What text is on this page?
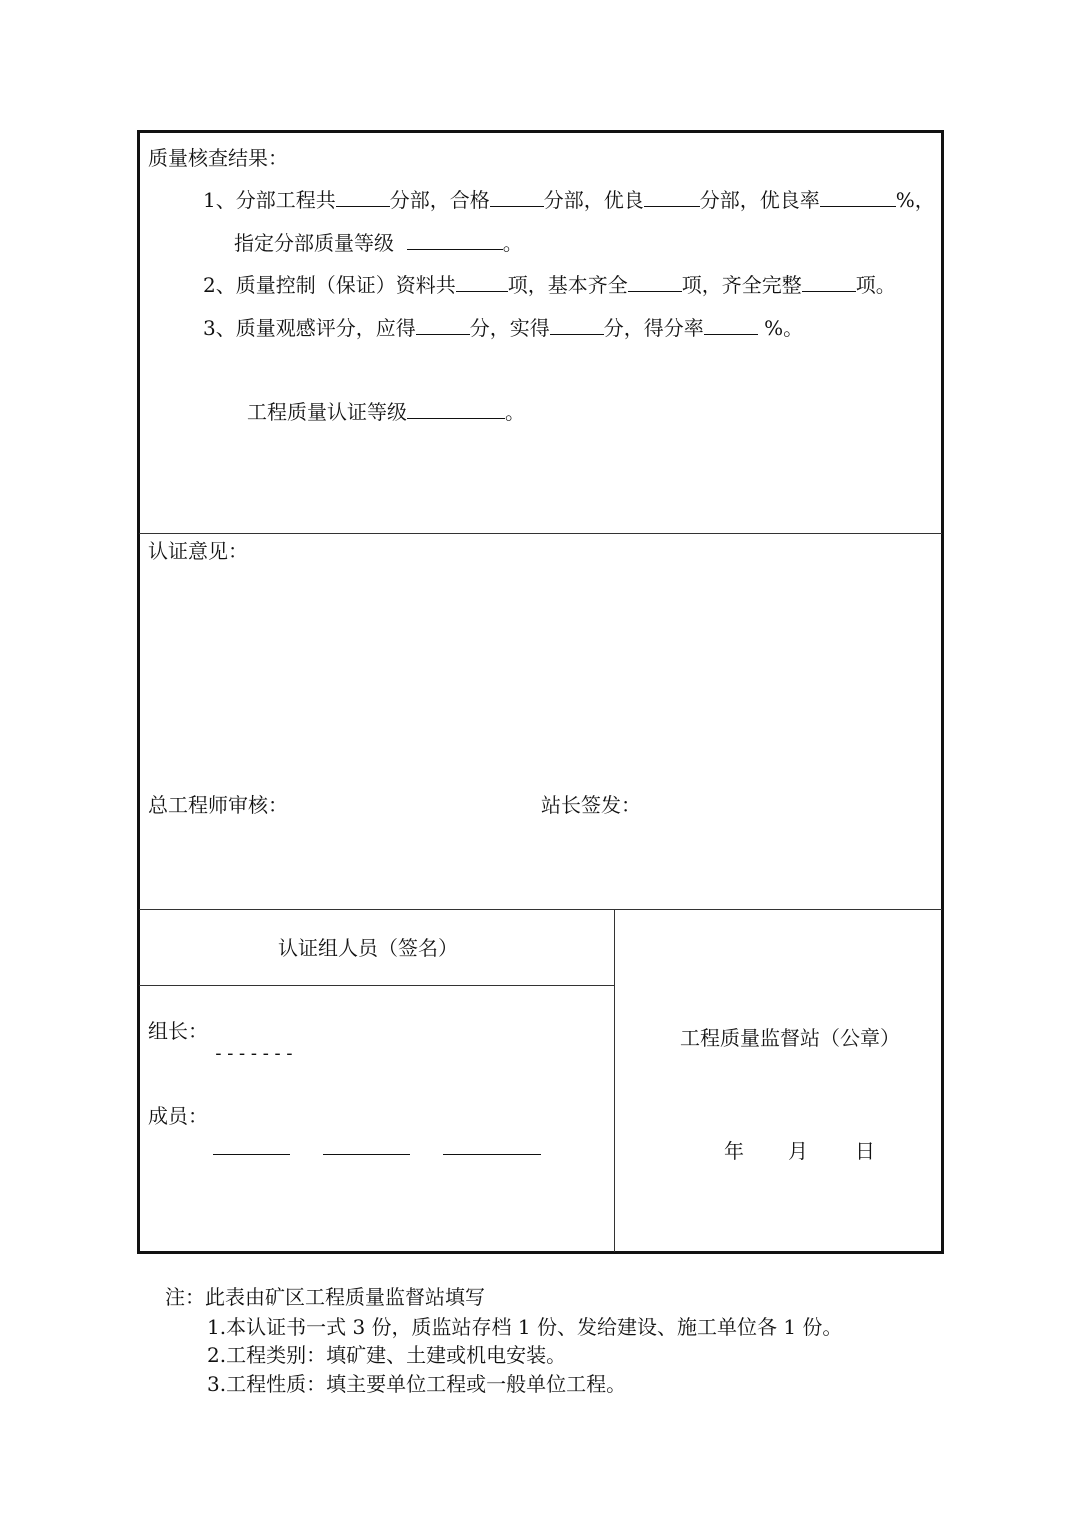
质量核查结果：
1、分部工程共	分部，合格	分部，优良	分部，优良率	%，
指定分部质量等级	。
2、质量控制（保证）资料共	项，基本齐全	项，齐全完整	项。
3、质量观感评分，应得	分，实得	分，得分率	%。
工程质量认证等级	。
认证意见：
总工程师审核：	站长签发：
认证组人员（签名）
组长：
-------
成员：
工程质量监督站（公章）
年 月 日
注：此表由矿区工程质量监督站填写
1.本认证书一式 3 份，质监站存档 1 份、发给建设、施工单位各 1 份。
2.工程类别：填矿建、土建或机电安装。
3.工程性质：填主要单位工程或一般单位工程。
